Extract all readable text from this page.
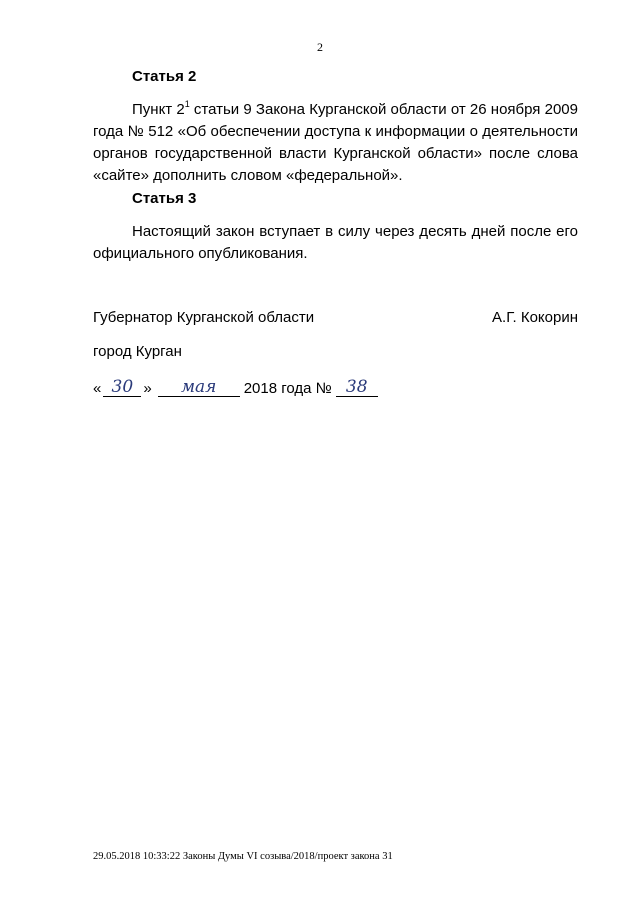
2
Статья 2
Пункт $2^1$ статьи 9 Закона Курганской области от 26 ноября 2009 года № 512 «Об обеспечении доступа к информации о деятельности органов государственной власти Курганской области» после слова «сайте» дополнить словом «федеральной».
Статья 3
Настоящий закон вступает в силу через десять дней после его официального опубликования.
Губернатор Курганской области	А.Г. Кокорин
город Курган
« 30 »	мая	2018 года № 38
29.05.2018 10:33:22 Законы Думы VI созыва/2018/проект закона 31
